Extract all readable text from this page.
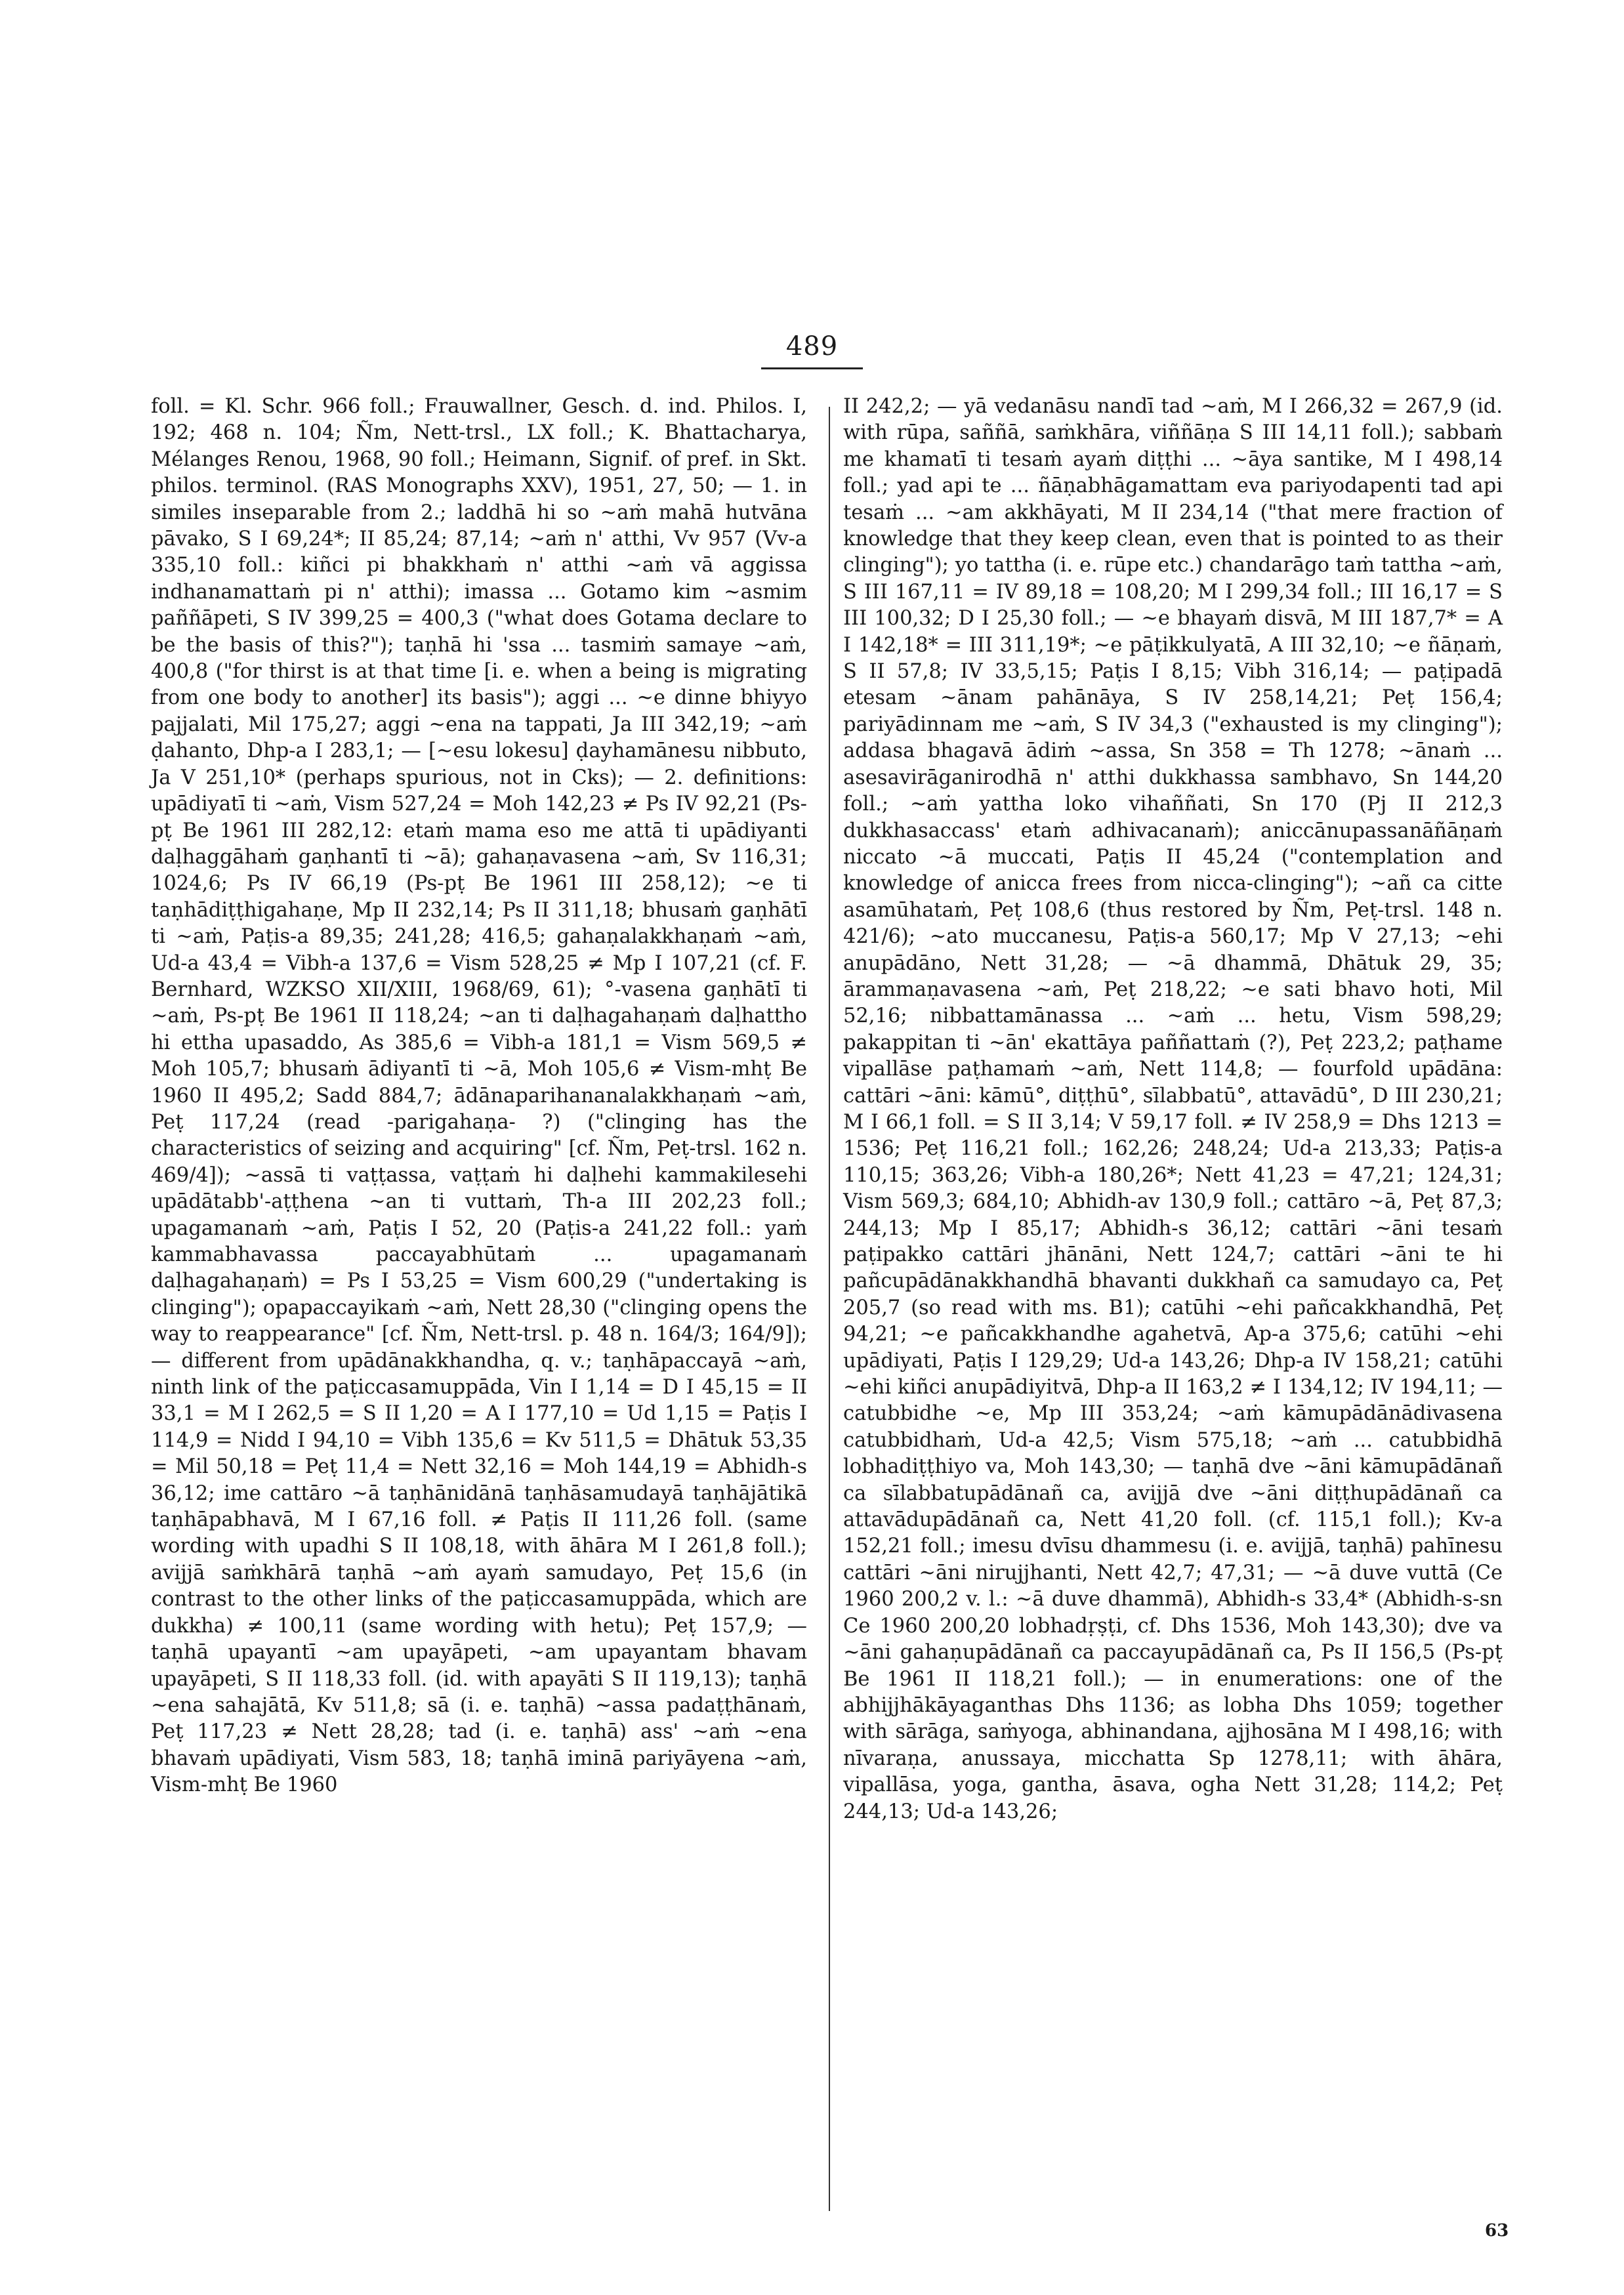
489
foll. = Kl. Schr. 966 foll.; Frauwallner, Gesch. d. ind. Philos. I, 192; 468 n. 104; Ñm, Nett-trsl., LX foll.; K. Bhattacharya, Mélanges Renou, 1968, 90 foll.; Heimann, Signif. of pref. in Skt. philos. terminol. (RAS Monographs XXV), 1951, 27, 50; — 1. in similes inseparable from 2.; laddhā hi so ~aṁ mahā hutvāna pāvako, S I 69,24*; II 85,24; 87,14; ~aṁ n' atthi, Vv 957 (Vv-a 335,10 foll.: kiñci pi bhakkhaṁ n' atthi ~aṁ vā aggissa indhanamattaṁ pi n' atthi); imassa ... Gotamo kim ~asmim paññāpeti, S IV 399,25 = 400,3 ("what does Gotama declare to be the basis of this?"); taṇhā hi 'ssa ... tasmiṁ samaye ~aṁ, 400,8 ("for thirst is at that time [i. e. when a being is migrating from one body to another] its basis"); aggi ... ~e dinne bhiyyo pajjalati, Mil 175,27; aggi ~ena na tappati, Ja III 342,19; ~aṁ ḍahanto, Dhp-a I 283,1; — [~esu lokesu] ḍayhamānesu nibbuto, Ja V 251,10* (perhaps spurious, not in Cks); — 2. definitions: upādiyatī ti ~aṁ, Vism 527,24 = Moh 142,23 ≠ Ps IV 92,21 (Ps-pṭ Be 1961 III 282,12: etaṁ mama eso me attā ti upādiyanti daḷhaggāhaṁ gaṇhantī ti ~ā); gahaṇavasena ~aṁ, Sv 116,31; 1024,6; Ps IV 66,19 (Ps-pṭ Be 1961 III 258,12); ~e ti taṇhādiṭṭhigahaṇe, Mp II 232,14; Ps II 311,18; bhusaṁ gaṇhātī ti ~aṁ, Paṭis-a 89,35; 241,28; 416,5; gahaṇalakkhaṇaṁ ~aṁ, Ud-a 43,4 = Vibh-a 137,6 = Vism 528,25 ≠ Mp I 107,21 (cf. F. Bernhard, WZKSO XII/XIII, 1968/69, 61); °-vasena gaṇhātī ti ~aṁ, Ps-pṭ Be 1961 II 118,24; ~an ti daḷhagahaṇaṁ daḷhattho hi ettha upasaddo, As 385,6 = Vibh-a 181,1 = Vism 569,5 ≠ Moh 105,7; bhusaṁ ādiyantī ti ~ā, Moh 105,6 ≠ Vism-mhṭ Be 1960 II 495,2; Sadd 884,7; ādānaparihananalakkhaṇaṁ ~aṁ, Peṭ 117,24 (read -parigahaṇa- ?) ("clinging has the characteristics of seizing and acquiring" [cf. Ñm, Peṭ-trsl. 162 n. 469/4]); ~assā ti vaṭṭassa, vaṭṭaṁ hi daḷhehi kammakilesehi upādātabb'-aṭṭhena ~an ti vuttaṁ, Th-a III 202,23 foll.; upagamanaṁ ~aṁ, Paṭis I 52, 20 (Paṭis-a 241,22 foll.: yaṁ kammabhavassa paccayabhūtaṁ ... upagamanaṁ daḷhagahaṇaṁ) = Ps I 53,25 = Vism 600,29 ("undertaking is clinging"); opapaccayikaṁ ~aṁ, Nett 28,30 ("clinging opens the way to reappearance" [cf. Ñm, Nett-trsl. p. 48 n. 164/3; 164/9]); — different from upādānakkhandha, q. v.; taṇhāpaccayā ~aṁ, ninth link of the paṭiccasamuppāda, Vin I 1,14 = D I 45,15 = II 33,1 = M I 262,5 = S II 1,20 = A I 177,10 = Ud 1,15 = Paṭis I 114,9 = Nidd I 94,10 = Vibh 135,6 = Kv 511,5 = Dhātuk 53,35 = Mil 50,18 = Peṭ 11,4 = Nett 32,16 = Moh 144,19 = Abhidh-s 36,12; ime cattāro ~ā taṇhānidānā taṇhāsamudayā taṇhājātikā taṇhāpabhavā, M I 67,16 foll. ≠ Paṭis II 111,26 foll. (same wording with upadhi S II 108,18, with āhāra M I 261,8 foll.); avijjā saṁkhārā taṇhā ~aṁ ayaṁ samudayo, Peṭ 15,6 (in contrast to the other links of the paṭiccasamuppāda, which are dukkha) ≠ 100,11 (same wording with hetu); Peṭ 157,9; — taṇhā upayantī ~am upayāpeti, ~am upayantam bhavam upayāpeti, S II 118,33 foll. (id. with apayāti S II 119,13); taṇhā ~ena sahajātā, Kv 511,8; sā (i. e. taṇhā) ~assa padaṭṭhānaṁ, Peṭ 117,23 ≠ Nett 28,28; tad (i. e. taṇhā) ass' ~aṁ ~ena bhavaṁ upādiyati, Vism 583, 18; taṇhā iminā pariyāyena ~aṁ, Vism-mhṭ Be 1960
II 242,2; — yā vedanāsu nandī tad ~aṁ, M I 266,32 = 267,9 (id. with rūpa, saññā, saṁkhāra, viññāṇa S III 14,11 foll.); sabbaṁ me khamatī ti tesaṁ ayaṁ diṭṭhi ... ~āya santike, M I 498,14 foll.; yad api te ... ñāṇabhāgamattam eva pariyodapenti tad api tesaṁ ... ~am akkhāyati, M II 234,14 ("that mere fraction of knowledge that they keep clean, even that is pointed to as their clinging"); yo tattha (i. e. rūpe etc.) chandarāgo taṁ tattha ~aṁ, S III 167,11 = IV 89,18 = 108,20; M I 299,34 foll.; III 16,17 = S III 100,32; D I 25,30 foll.; — ~e bhayaṁ disvā, M III 187,7* = A I 142,18* = III 311,19*; ~e pāṭikkulyatā, A III 32,10; ~e ñāṇaṁ, S II 57,8; IV 33,5,15; Paṭis I 8,15; Vibh 316,14; — paṭipadā etesam ~ānam pahānāya, S IV 258,14,21; Peṭ 156,4; pariyādinnam me ~aṁ, S IV 34,3 ("exhausted is my clinging"); addasa bhagavā ādiṁ ~assa, Sn 358 = Th 1278; ~ānaṁ ... asesavirāganirodhā n' atthi dukkhassa sambhavo, Sn 144,20 foll.; ~aṁ yattha loko vihaññati, Sn 170 (Pj II 212,3 dukkhasaccass' etaṁ adhivacanaṁ); aniccānupassanāñāṇaṁ niccato ~ā muccati, Paṭis II 45,24 ("contemplation and knowledge of anicca frees from nicca-clinging"); ~añ ca citte asamūhataṁ, Peṭ 108,6 (thus restored by Ñm, Peṭ-trsl. 148 n. 421/6); ~ato muccanesu, Paṭis-a 560,17; Mp V 27,13; ~ehi anupādāno, Nett 31,28; — ~ā dhammā, Dhātuk 29, 35; ārammaṇavasena ~aṁ, Peṭ 218,22; ~e sati bhavo hoti, Mil 52,16; nibbattamānassa ... ~aṁ ... hetu, Vism 598,29; pakappitan ti ~ān' ekattāya paññattaṁ (?), Peṭ 223,2; paṭhame vipallāse paṭhamaṁ ~aṁ, Nett 114,8; — fourfold upādāna: cattāri ~āni: kāmū°, diṭṭhū°, sīlabbatū°, attavādū°, D III 230,21; M I 66,1 foll. = S II 3,14; V 59,17 foll. ≠ IV 258,9 = Dhs 1213 = 1536; Peṭ 116,21 foll.; 162,26; 248,24; Ud-a 213,33; Paṭis-a 110,15; 363,26; Vibh-a 180,26*; Nett 41,23 = 47,21; 124,31; Vism 569,3; 684,10; Abhidh-av 130,9 foll.; cattāro ~ā, Peṭ 87,3; 244,13; Mp I 85,17; Abhidh-s 36,12; cattāri ~āni tesaṁ paṭipakko cattāri jhānāni, Nett 124,7; cattāri ~āni te hi pañcupādānakkhandhā bhavanti dukkhañ ca samudayo ca, Peṭ 205,7 (so read with ms. B1); catūhi ~ehi pañcakkhandhā, Peṭ 94,21; ~e pañcakkhandhe agahetvā, Ap-a 375,6; catūhi ~ehi upādiyati, Paṭis I 129,29; Ud-a 143,26; Dhp-a IV 158,21; catūhi ~ehi kiñci anupādiyitvā, Dhp-a II 163,2 ≠ I 134,12; IV 194,11; — catubbidhe ~e, Mp III 353,24; ~aṁ kāmupādānādivasena catubbidhaṁ, Ud-a 42,5; Vism 575,18; ~aṁ ... catubbidhā lobhadiṭṭhiyo va, Moh 143,30; — taṇhā dve ~āni kāmupādānañ ca sīlabbatupādānañ ca, avijjā dve ~āni diṭṭhupādānañ ca attavādupādānañ ca, Nett 41,20 foll. (cf. 115,1 foll.); Kv-a 152,21 foll.; imesu dvīsu dhammesu (i. e. avijjā, taṇhā) pahīnesu cattāri ~āni nirujjhanti, Nett 42,7; 47,31; — ~ā duve vuttā (Ce 1960 200,2 v. l.: ~ā duve dhammā), Abhidh-s 33,4* (Abhidh-s-sn Ce 1960 200,20 lobhadṛṣṭi, cf. Dhs 1536, Moh 143,30); dve va ~āni gahaṇupādānañ ca paccayupādānañ ca, Ps II 156,5 (Ps-pṭ Be 1961 II 118,21 foll.); — in enumerations: one of the abhijjhākāyaganthas Dhs 1136; as lobha Dhs 1059; together with sārāga, saṁyoga, abhinandana, ajjhosāna M I 498,16; with nīvaraṇa, anussaya, micchatta Sp 1278,11; with āhāra, vipallāsa, yoga, gantha, āsava, ogha Nett 31,28; 114,2; Peṭ 244,13; Ud-a 143,26;
63
